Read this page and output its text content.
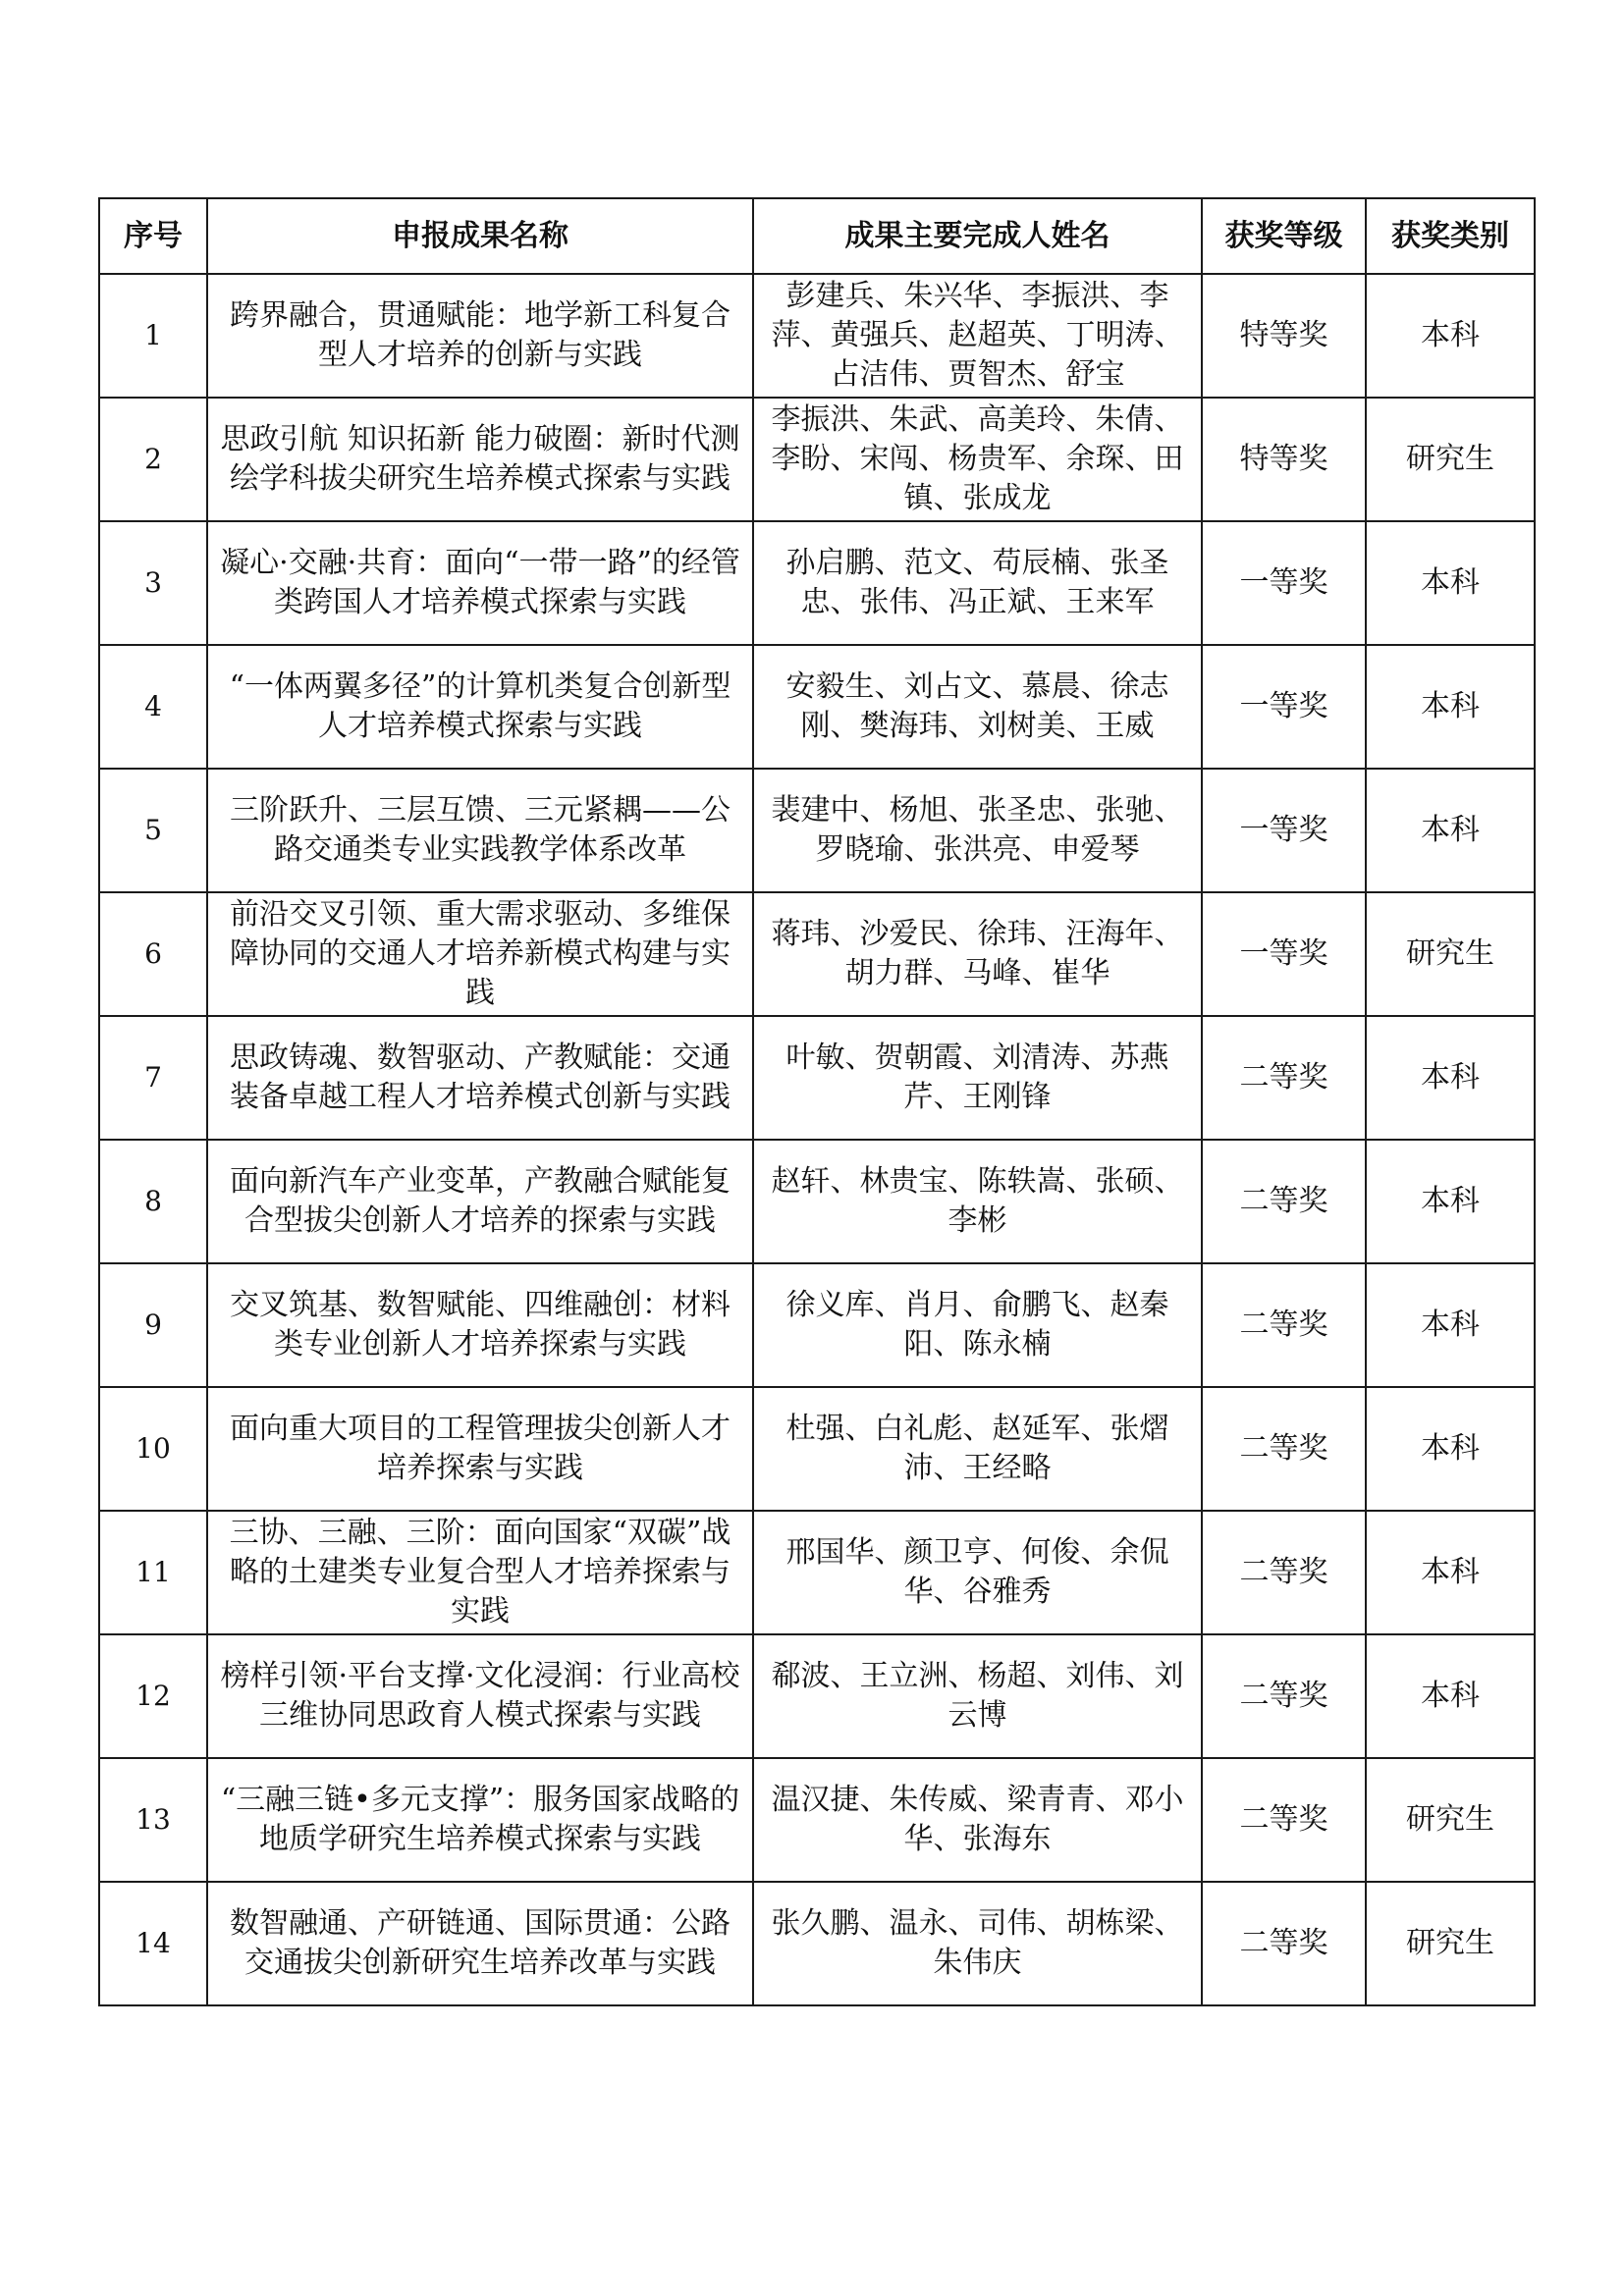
序号	申报成果名称	成果主要完成人姓名	获奖等级	获奖类别
1	跨界融合，贯通赋能：地学新工科复合型人才培养的创新与实践	彭建兵、朱兴华、李振洪、李萍、黄强兵、赵超英、丁明涛、占洁伟、贾智杰、舒宝	特等奖	本科
2	思政引航 知识拓新 能力破圈：新时代测绘学科拔尖研究生培养模式探索与实践	李振洪、朱武、高美玲、朱倩、李盼、宋闯、杨贵军、余琛、田镇、张成龙	特等奖	研究生
3	凝心·交融·共育：面向“一带一路”的经管类跨国人才培养模式探索与实践	孙启鹏、范文、苟辰楠、张圣忠、张伟、冯正斌、王来军	一等奖	本科
4	“一体两翼多径”的计算机类复合创新型人才培养模式探索与实践	安毅生、刘占文、慕晨、徐志刚、樊海玮、刘树美、王威	一等奖	本科
5	三阶跃升、三层互馈、三元紧耦——公路交通类专业实践教学体系改革	裴建中、杨旭、张圣忠、张驰、罗晓瑜、张洪亮、申爱琴	一等奖	本科
6	前沿交叉引领、重大需求驱动、多维保障协同的交通人才培养新模式构建与实践	蒋玮、沙爱民、徐玮、汪海年、胡力群、马峰、崔华	一等奖	研究生
7	思政铸魂、数智驱动、产教赋能：交通装备卓越工程人才培养模式创新与实践	叶敏、贺朝霞、刘清涛、苏燕芹、王刚锋	二等奖	本科
8	面向新汽车产业变革，产教融合赋能复合型拔尖创新人才培养的探索与实践	赵轩、林贵宝、陈轶嵩、张硕、李彬	二等奖	本科
9	交叉筑基、数智赋能、四维融创：材料类专业创新人才培养探索与实践	徐义库、肖月、俞鹏飞、赵秦阳、陈永楠	二等奖	本科
10	面向重大项目的工程管理拔尖创新人才培养探索与实践	杜强、白礼彪、赵延军、张熠沛、王经略	二等奖	本科
11	三协、三融、三阶：面向国家“双碳”战略的土建类专业复合型人才培养探索与实践	邢国华、颜卫亨、何俊、余侃华、谷雅秀	二等奖	本科
12	榜样引领·平台支撑·文化浸润：行业高校三维协同思政育人模式探索与实践	郗波、王立洲、杨超、刘伟、刘云博	二等奖	本科
13	“三融三链•多元支撑”：服务国家战略的地质学研究生培养模式探索与实践	温汉捷、朱传威、梁青青、邓小华、张海东	二等奖	研究生
14	数智融通、产研链通、国际贯通：公路交通拔尖创新研究生培养改革与实践	张久鹏、温永、司伟、胡栋梁、朱伟庆	二等奖	研究生
